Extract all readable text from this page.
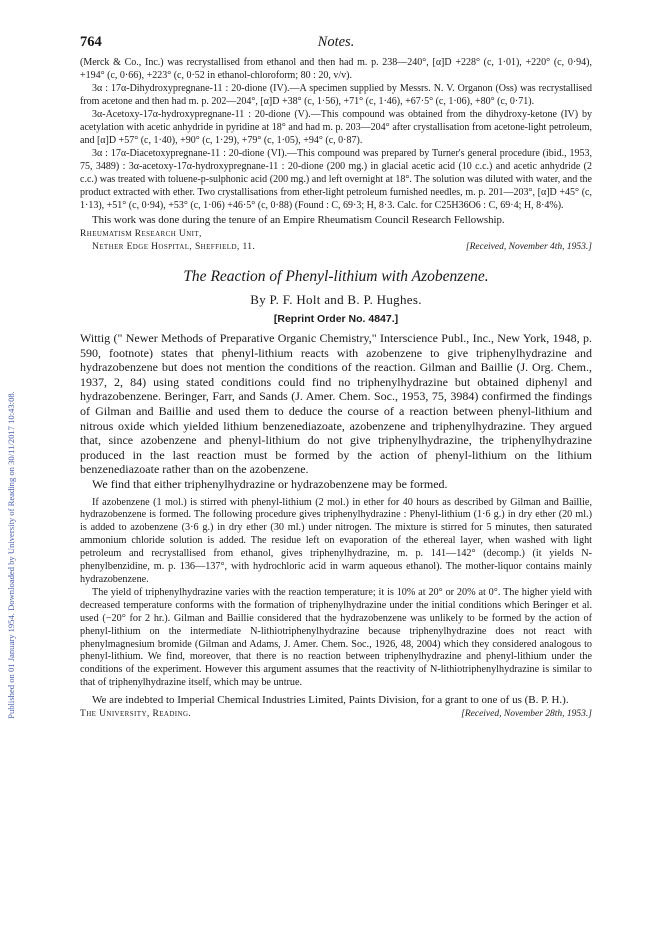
Published on 01 January 1954. Downloaded by University of Reading on 30/11/2017 10:43:08.
764	Notes.

(Merck & Co., Inc.) was recrystallised from ethanol and then had m. p. 238—240°, [α]D +228° (c, 1·01), +220° (c, 0·94), +194° (c, 0·66), +223° (c, 0·52 in ethanol-chloroform; 80 : 20, v/v).

3α : 17α-Dihydroxypregnane-11 : 20-dione (IV).—A specimen supplied by Messrs. N. V. Organon (Oss) was recrystallised from acetone and then had m. p. 202—204°, [α]D +38° (c, 1·56), +71° (c, 1·46), +67·5° (c, 1·06), +80° (c, 0·71).

3α-Acetoxy-17α-hydroxypregnane-11 : 20-dione (V).—This compound was obtained from the dihydroxy-ketone (IV) by acetylation with acetic anhydride in pyridine at 18° and had m. p. 203—204° after crystallisation from acetone-light petroleum, and [α]D +57° (c, 1·40), +90° (c, 1·29), +79° (c, 1·05), +94° (c, 0·87).

3α : 17α-Diacetoxypregnane-11 : 20-dione (VI).—This compound was prepared by Turner's general procedure (ibid., 1953, 75, 3489) : 3α-acetoxy-17α-hydroxypregnane-11 : 20-dione (200 mg.) in glacial acetic acid (10 c.c.) and acetic anhydride (2 c.c.) was treated with toluene-p-sulphonic acid (200 mg.) and left overnight at 18°. The solution was diluted with water, and the product extracted with ether. Two crystallisations from ether-light petroleum furnished needles, m. p. 201—203°, [α]D +45° (c, 1·13), +51° (c, 0·94), +53° (c, 1·06) +46·5° (c, 0·88) (Found : C, 69·3; H, 8·3. Calc. for C25H36O6 : C, 69·4; H, 8·4%).

This work was done during the tenure of an Empire Rheumatism Council Research Fellowship.

Rheumatism Research Unit,
Nether Edge Hospital, Sheffield, 11.	[Received, November 4th, 1953.]
The Reaction of Phenyl-lithium with Azobenzene.
By P. F. Holt and B. P. Hughes.
[Reprint Order No. 4847.]

Wittig (" Newer Methods of Preparative Organic Chemistry," Interscience Publ., Inc., New York, 1948, p. 590, footnote) states that phenyl-lithium reacts with azobenzene to give triphenylhydrazine and hydrazobenzene but does not mention the conditions of the reaction. Gilman and Baillie (J. Org. Chem., 1937, 2, 84) using stated conditions could find no triphenylhydrazine but obtained diphenyl and hydrazobenzene. Beringer, Farr, and Sands (J. Amer. Chem. Soc., 1953, 75, 3984) confirmed the findings of Gilman and Baillie and used them to deduce the course of a reaction between phenyl-lithium and nitrous oxide which yielded lithium benzenediazoate, azobenzene and triphenylhydrazine. They argued that, since azobenzene and phenyl-lithium do not give triphenylhydrazine, the triphenylhydrazine produced in the last reaction must be formed by the action of phenyl-lithium on the lithium benzenediazoate rather than on the azobenzene.

We find that either triphenylhydrazine or hydrazobenzene may be formed.

If azobenzene (1 mol.) is stirred with phenyl-lithium (2 mol.) in ether for 40 hours as described by Gilman and Baillie, hydrazobenzene is formed. The following procedure gives triphenylhydrazine : Phenyl-lithium (1·6 g.) in dry ether (20 ml.) is added to azobenzene (3·6 g.) in dry ether (30 ml.) under nitrogen. The mixture is stirred for 5 minutes, then saturated ammonium chloride solution is added. The residue left on evaporation of the ethereal layer, when washed with light petroleum and recrystallised from ethanol, gives triphenylhydrazine, m. p. 141—142° (decomp.) (it yields N-phenylbenzidine, m. p. 136—137°, with hydrochloric acid in warm aqueous ethanol). The mother-liquor contains mainly hydrazobenzene.

The yield of triphenylhydrazine varies with the reaction temperature; it is 10% at 20° or 20% at 0°. The higher yield with decreased temperature conforms with the formation of triphenylhydrazine under the initial conditions which Beringer et al. used (−20° for 2 hr.). Gilman and Baillie considered that the hydrazobenzene was unlikely to be formed by the action of phenyl-lithium on the intermediate N-lithiotriphenylhydrazine because triphenylhydrazine does not react with phenylmagnesium bromide (Gilman and Adams, J. Amer. Chem. Soc., 1926, 48, 2004) which they considered analogous to phenyl-lithium. We find, moreover, that there is no reaction between triphenylhydrazine and phenyl-lithium under the conditions of the experiment. However this argument assumes that the reactivity of N-lithiotriphenylhydrazine is similar to that of triphenylhydrazine itself, which may be untrue.

We are indebted to Imperial Chemical Industries Limited, Paints Division, for a grant to one of us (B. P. H.).

The University, Reading.	[Received, November 28th, 1953.]
